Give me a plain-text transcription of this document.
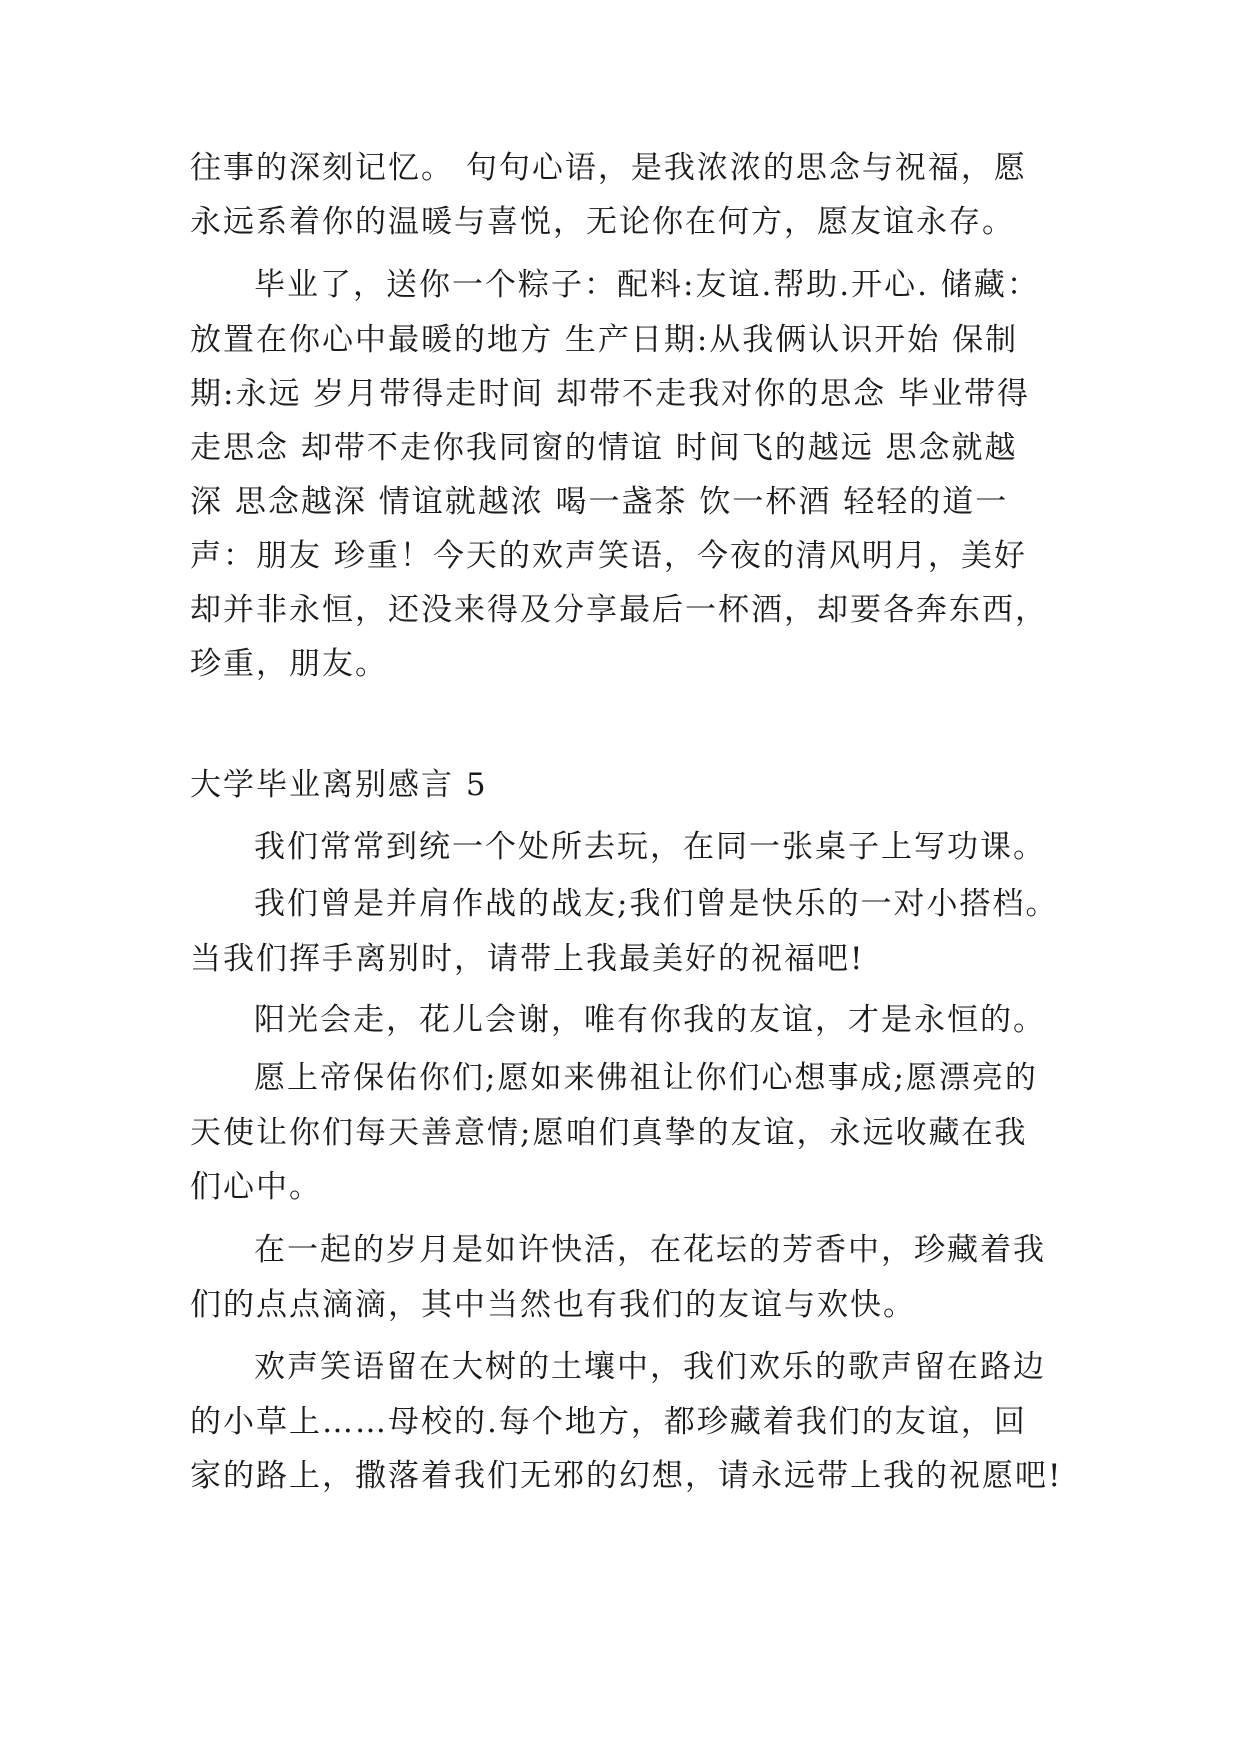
往事的深刻记忆。 句句心语，是我浓浓的思念与祝福，愿
永远系着你的温暖与喜悦，无论你在何方，愿友谊永存。
毕业了，送你一个粽子：配料:友谊.帮助.开心. 储藏：
放置在你心中最暖的地方 生产日期:从我俩认识开始 保制
期:永远 岁月带得走时间 却带不走我对你的思念 毕业带得
走思念 却带不走你我同窗的情谊 时间飞的越远 思念就越
深 思念越深 情谊就越浓 喝一盏茶 饮一杯酒 轻轻的道一
声：朋友 珍重！今天的欢声笑语，今夜的清风明月，美好
却并非永恒，还没来得及分享最后一杯酒，却要各奔东西，
珍重，朋友。
大学毕业离别感言 5
我们常常到统一个处所去玩，在同一张桌子上写功课。
我们曾是并肩作战的战友;我们曾是快乐的一对小搭档。
当我们挥手离别时，请带上我最美好的祝福吧!
阳光会走，花儿会谢，唯有你我的友谊，才是永恒的。
愿上帝保佑你们;愿如来佛祖让你们心想事成;愿漂亮的
天使让你们每天善意情;愿咱们真挚的友谊，永远收藏在我
们心中。
在一起的岁月是如许快活，在花坛的芳香中，珍藏着我
们的点点滴滴，其中当然也有我们的友谊与欢快。
欢声笑语留在大树的土壤中，我们欢乐的歌声留在路边
的小草上……母校的.每个地方，都珍藏着我们的友谊，回
家的路上，撒落着我们无邪的幻想，请永远带上我的祝愿吧!
